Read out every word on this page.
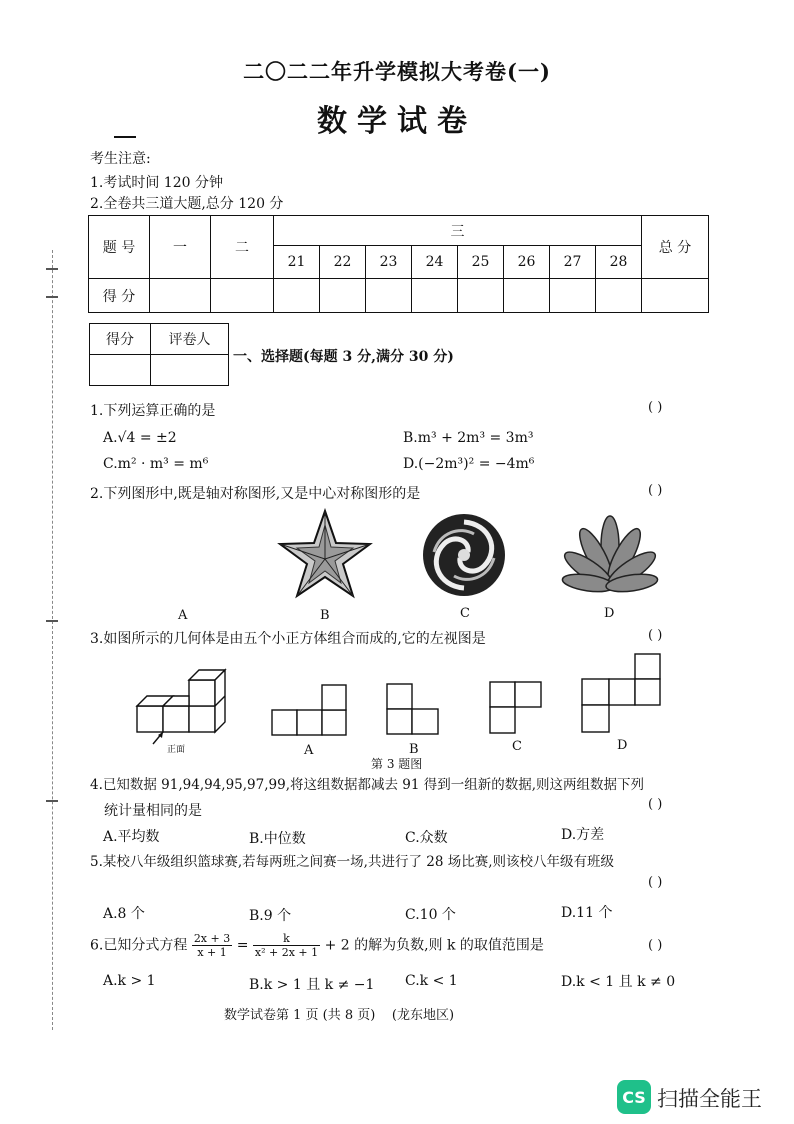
二〇二二年升学模拟大考卷(一)
数学试卷
考生注意:
1.考试时间 120 分钟
2.全卷共三道大题,总分 120 分
题 号	一	二	三								总 分
			21	22	23	24	25	26	27	28	
得 分											
得分	评卷人

一、选择题(每题 3 分,满分 30 分)
1.下列运算正确的是	( )
A.√4 = ±2	B.m³ + 2m³ = 3m³
C.m² · m³ = m⁶	D.(−2m³)² = −4m⁶
2.下列图形中,既是轴对称图形,又是中心对称图形的是	( )
A	B	C	D
3.如图所示的几何体是由五个小正方体组合而成的,它的左视图是	( )
正面	A	B	C	D
第 3 题图
4.已知数据 91,94,94,95,97,99,将这组数据都减去 91 得到一组新的数据,则这两组数据下列
统计量相同的是	( )
A.平均数	B.中位数	C.众数	D.方差
5.某校八年级组织篮球赛,若每两班之间赛一场,共进行了 28 场比赛,则该校八年级有班级
( )
A.8 个	B.9 个	C.10 个	D.11 个
6.已知分式方程 $\frac{2x + 3}{x + 1} = \frac{k}{\text{x² + 2x + 1}} + 2$ 的解为负数,则 k 的取值范围是	( )
A.k > 1	B.k > 1 且 k ≠ −1 C.k < 1	D.k < 1 且 k ≠ 0
数学试卷第 1 页 (共 8 页)    (龙东地区)
CS 扫描全能王
